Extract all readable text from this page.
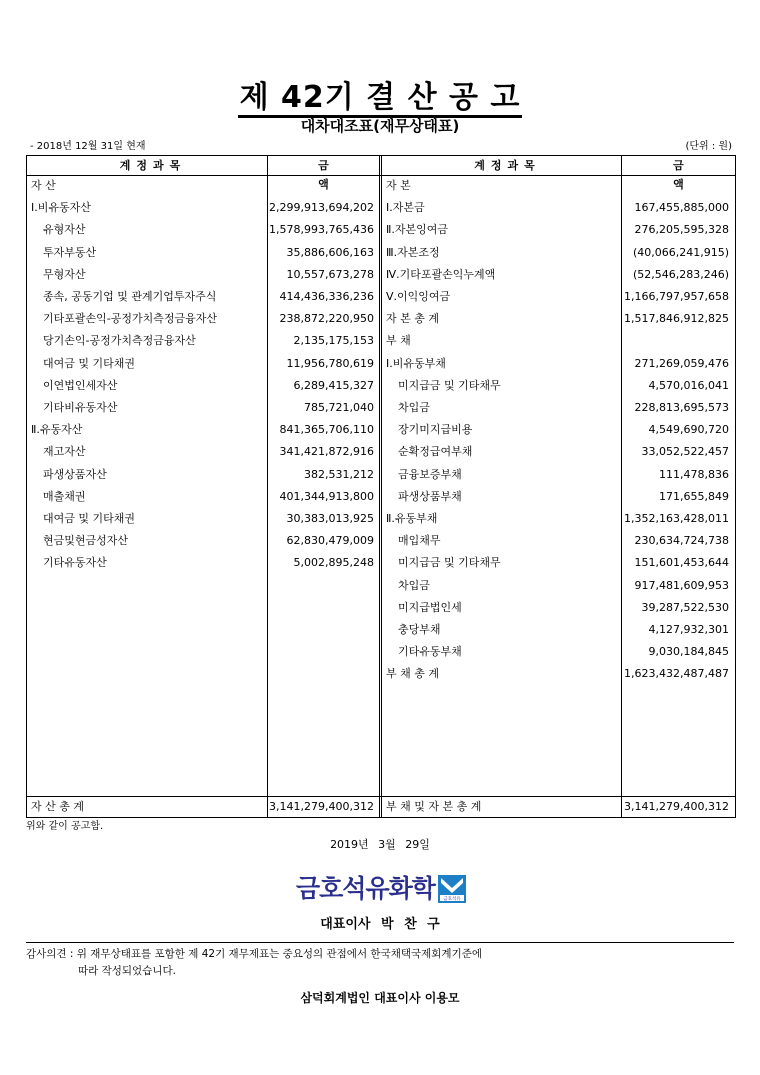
제 42기 결 산 공 고
대차대조표(재무상태표)
- 2018년 12월 31일 현재	(단위 : 원)
계정과목	금액
계정과목	금액
자 산
Ⅰ.비유동자산	2,299,913,694,202
유형자산	1,578,993,765,436
투자부동산	35,886,606,163
무형자산	10,557,673,278
종속, 공동기업 및 관계기업투자주식	414,436,336,236
기타포괄손익-공정가치측정금융자산	238,872,220,950
당기손익-공정가치측정금융자산	2,135,175,153
대여금 및 기타채권	11,956,780,619
이연법인세자산	6,289,415,327
기타비유동자산	785,721,040
Ⅱ.유동자산	841,365,706,110
재고자산	341,421,872,916
파생상품자산	382,531,212
매출채권	401,344,913,800
대여금 및 기타채권	30,383,013,925
현금및현금성자산	62,830,479,009
기타유동자산	5,002,895,248
자 본
Ⅰ.자본금	167,455,885,000
Ⅱ.자본잉여금	276,205,595,328
Ⅲ.자본조정	(40,066,241,915)
Ⅳ.기타포괄손익누계액	(52,546,283,246)
Ⅴ.이익잉여금	1,166,797,957,658
자 본 총 계	1,517,846,912,825
부 채
Ⅰ.비유동부채	271,269,059,476
미지급금 및 기타채무	4,570,016,041
차입금	228,813,695,573
장기미지급비용	4,549,690,720
순확정급여부채	33,052,522,457
금융보증부채	111,478,836
파생상품부채	171,655,849
Ⅱ.유동부채	1,352,163,428,011
매입채무	230,634,724,738
미지급금 및 기타채무	151,601,453,644
차입금	917,481,609,953
미지급법인세	39,287,522,530
충당부채	4,127,932,301
기타유동부채	9,030,184,845
부 채 총 계	1,623,432,487,487
자 산 총 계	3,141,279,400,312 부 채 및 자 본 총 계	3,141,279,400,312
위와 같이 공고함.
2019년 3월 29일
금호석유화학 금호석유
대표이사 박 찬 구
감사의견 : 위 재무상태표를 포함한 제 42기 재무제표는 중요성의 관점에서 한국채택국제회계기준에
따라 작성되었습니다.
삼덕회계법인 대표이사 이용모
